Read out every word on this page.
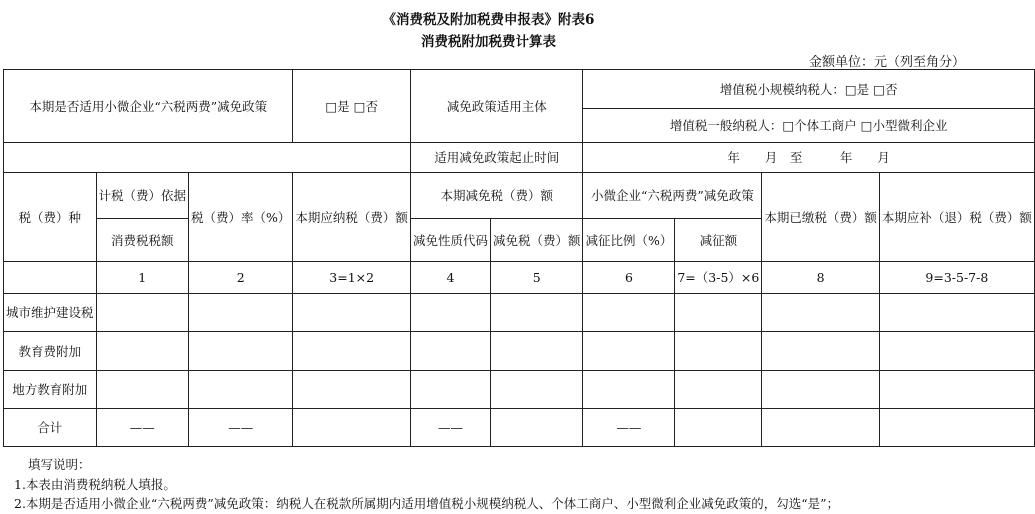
《消费税及附加税费申报表》附表6
消费税附加税费计算表
金额单位：元（列至角分）
本期是否适用小微企业“六税两费”减免政策			□是 □否	减免政策适用主体		增值税小规模纳税人：□是 □否			
						增值税一般纳税人：□个体工商户 □小型微利企业			
				适用减免政策起止时间		年　　月　至　　　年　　月			
税（费）种	计税（费）依据	税（费）率（%）	本期应纳税（费）额	本期减免税（费）额		小微企业“六税两费”减免政策		本期已缴税（费）额	本期应补（退）税（费）额
	消费税税额			减免性质代码	减免税（费）额	减征比例（%）	减征额		
	1	2	3=1×2	4	5	6	7=（3-5）×6	8	9=3-5-7-8
城市维护建设税									
教育费附加									
地方教育附加									
合计	——	——		——		——			
填写说明：
1.本表由消费税纳税人填报。
2.本期是否适用小微企业“六税两费”减免政策：纳税人在税款所属期内适用增值税小规模纳税人、个体工商户、小型微利企业减免政策的，勾选“是”；
